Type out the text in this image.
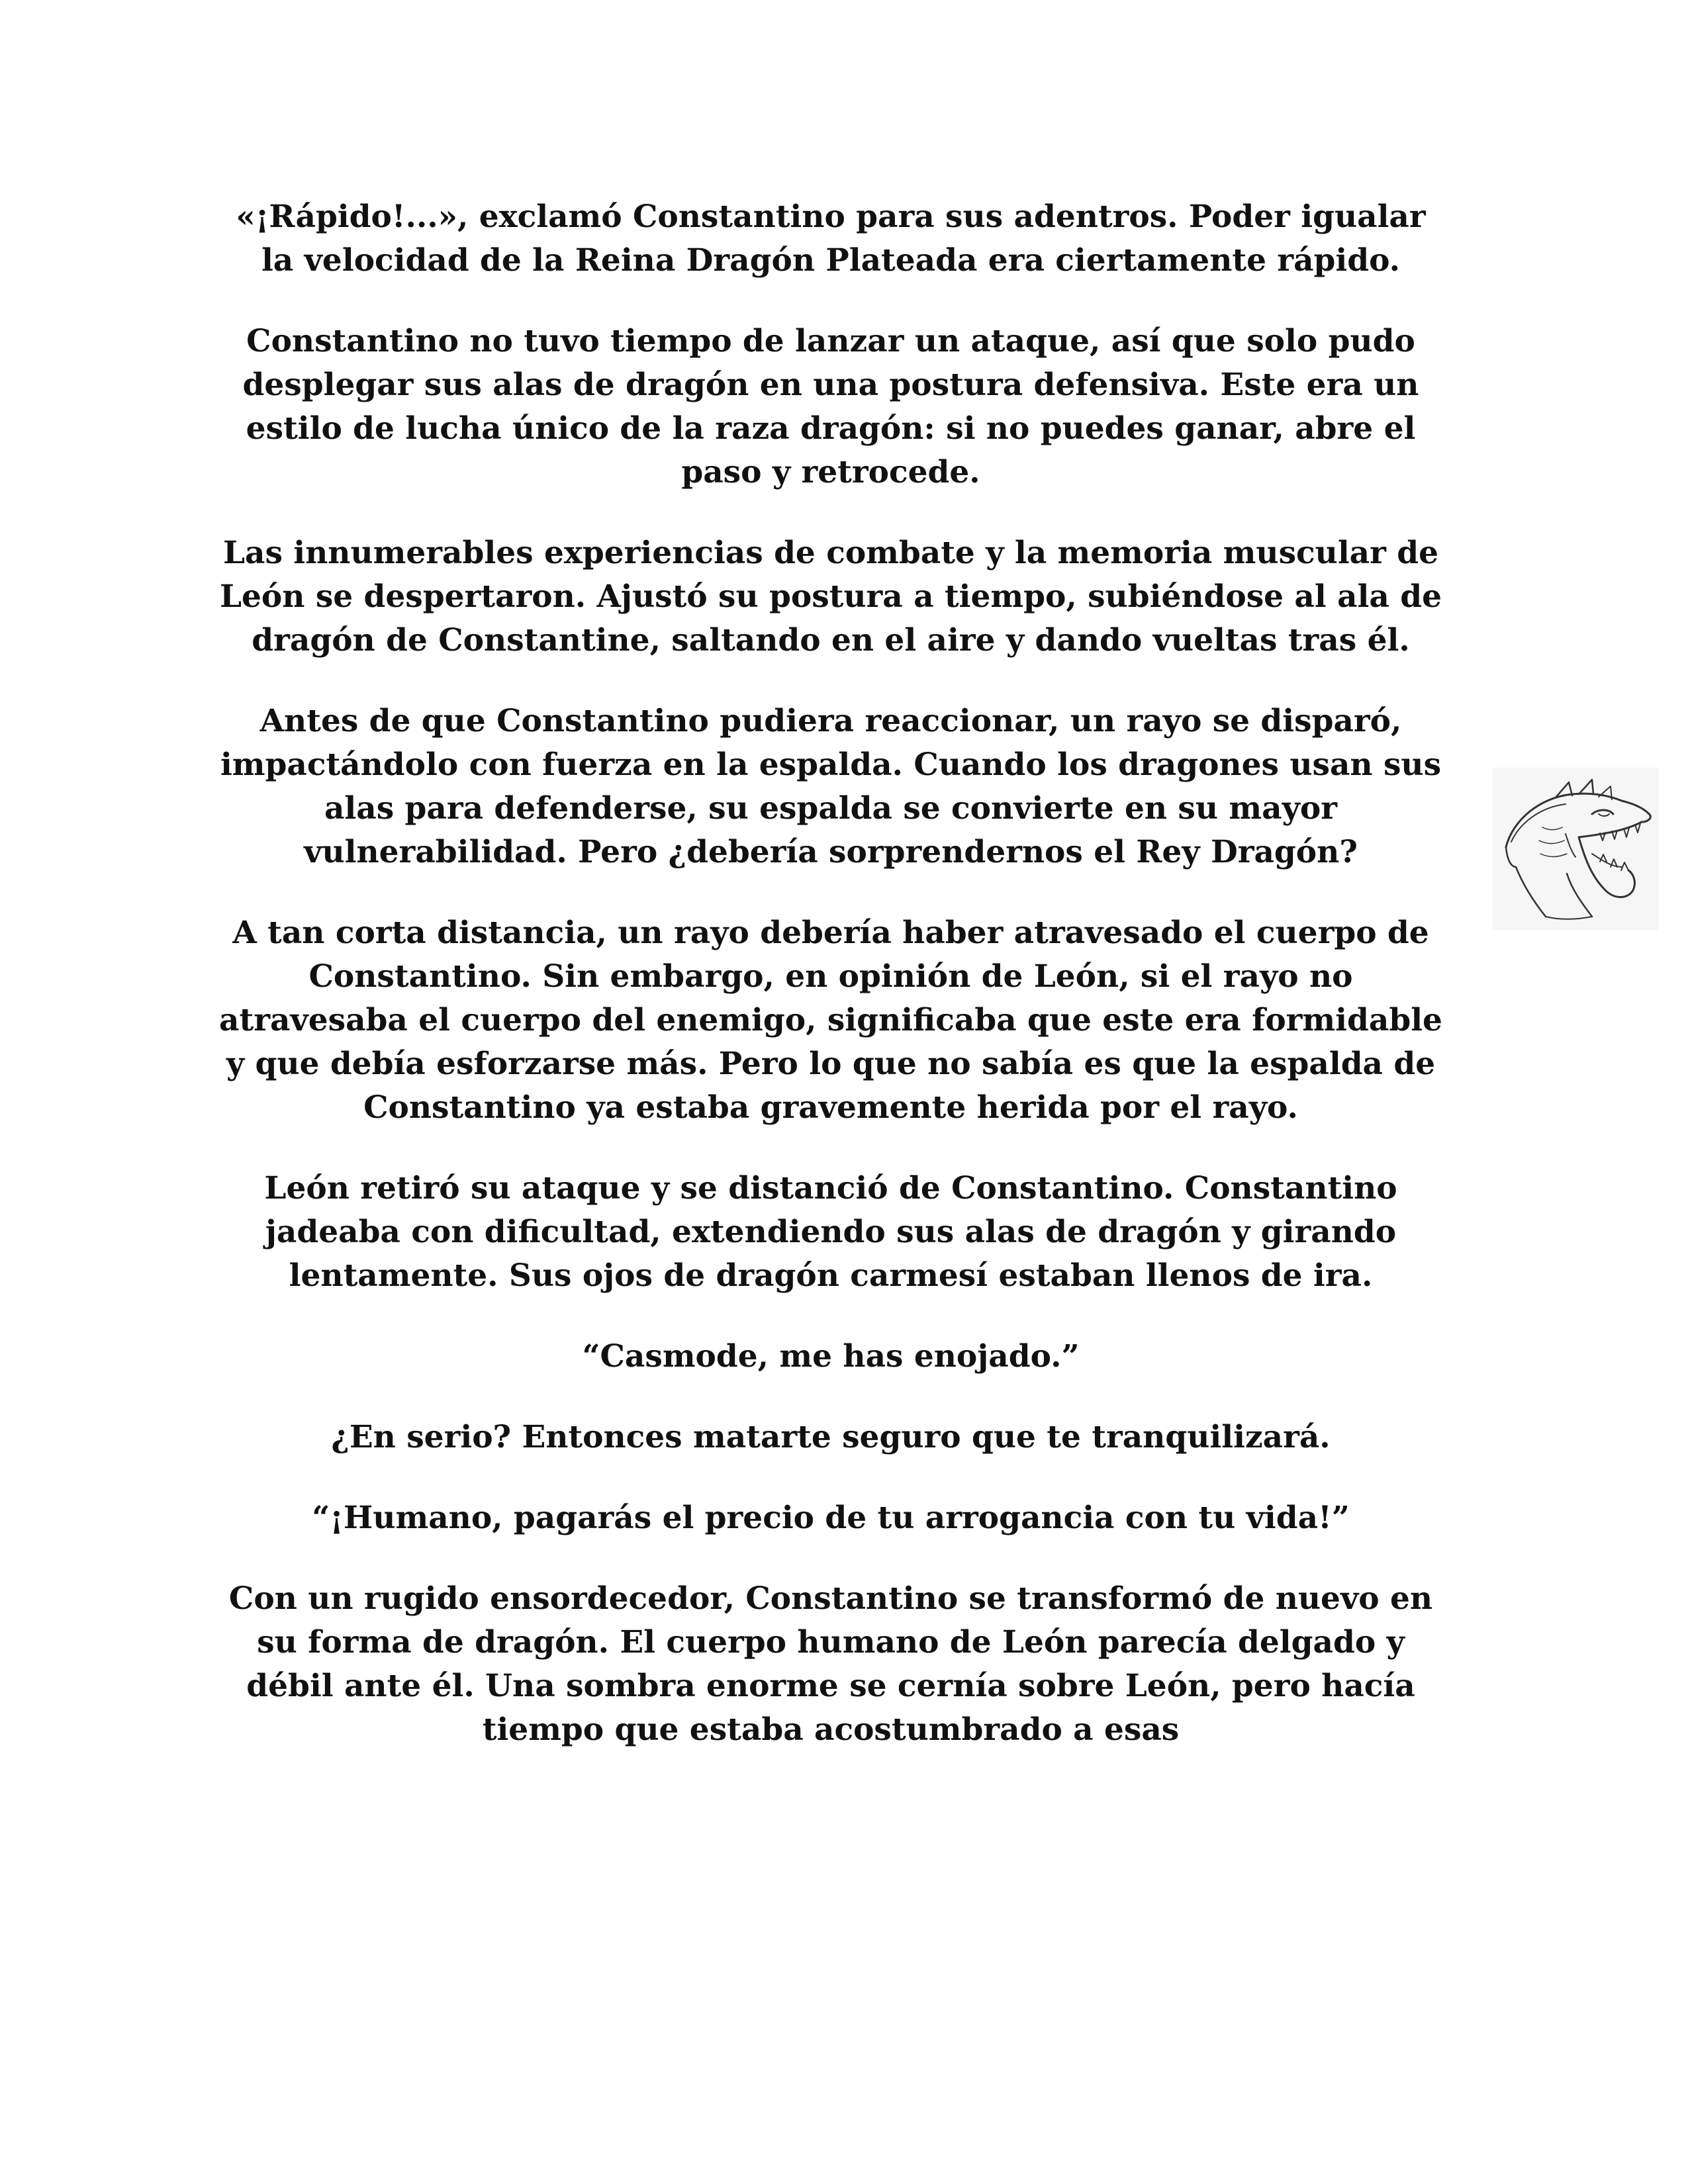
«¡Rápido!...», exclamó Constantino para sus adentros. Poder igualar la velocidad de la Reina Dragón Plateada era ciertamente rápido.

Constantino no tuvo tiempo de lanzar un ataque, así que solo pudo desplegar sus alas de dragón en una postura defensiva. Este era un estilo de lucha único de la raza dragón: si no puedes ganar, abre el paso y retrocede.

Las innumerables experiencias de combate y la memoria muscular de León se despertaron. Ajustó su postura a tiempo, subiéndose al ala de dragón de Constantine, saltando en el aire y dando vueltas tras él.

Antes de que Constantino pudiera reaccionar, un rayo se disparó, impactándolo con fuerza en la espalda. Cuando los dragones usan sus alas para defenderse, su espalda se convierte en su mayor vulnerabilidad. Pero ¿debería sorprendernos el Rey Dragón?

A tan corta distancia, un rayo debería haber atravesado el cuerpo de Constantino. Sin embargo, en opinión de León, si el rayo no atravesaba el cuerpo del enemigo, significaba que este era formidable y que debía esforzarse más. Pero lo que no sabía es que la espalda de Constantino ya estaba gravemente herida por el rayo.

León retiró su ataque y se distanció de Constantino. Constantino jadeaba con dificultad, extendiendo sus alas de dragón y girando lentamente. Sus ojos de dragón carmesí estaban llenos de ira.

“Casmode, me has enojado.”

¿En serio? Entonces matarte seguro que te tranquilizará.

“¡Humano, pagarás el precio de tu arrogancia con tu vida!”

Con un rugido ensordecedor, Constantino se transformó de nuevo en su forma de dragón. El cuerpo humano de León parecía delgado y débil ante él. Una sombra enorme se cernía sobre León, pero hacía tiempo que estaba acostumbrado a esas
